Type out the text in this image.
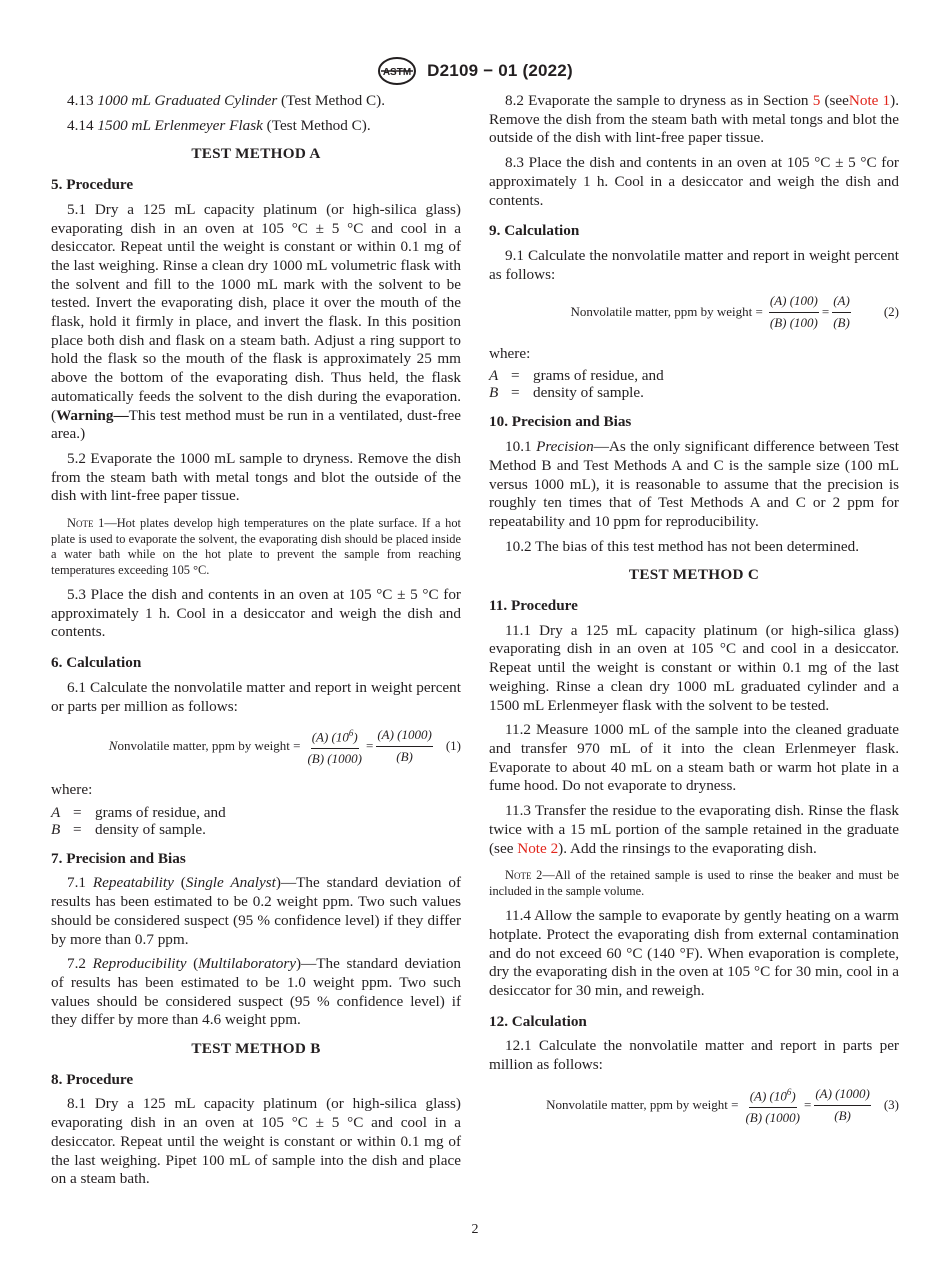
ASTM D2109 − 01 (2022)
4.13 1000 mL Graduated Cylinder (Test Method C).
4.14 1500 mL Erlenmeyer Flask (Test Method C).
TEST METHOD A
5. Procedure

5.1 Dry a 125 mL capacity platinum (or high-silica glass) evaporating dish in an oven at 105 °C ± 5 °C and cool in a desiccator. Repeat until the weight is constant or within 0.1 mg of the last weighing. Rinse a clean dry 1000 mL volumetric flask with the solvent and fill to the 1000 mL mark with the solvent to be tested. Invert the evaporating dish, place it over the mouth of the flask, hold it firmly in place, and invert the flask. In this position place both dish and flask on a steam bath. Adjust a ring support to hold the flask so the mouth of the flask is approximately 25 mm above the bottom of the evaporating dish. Thus held, the flask automatically feeds the solvent to the dish during the evaporation. (Warning—This test method must be run in a ventilated, dust-free area.)

5.2 Evaporate the 1000 mL sample to dryness. Remove the dish from the steam bath with metal tongs and blot the outside of the dish with lint-free paper tissue.

Note 1—Hot plates develop high temperatures on the plate surface. If a hot plate is used to evaporate the solvent, the evaporating dish should be placed inside a water bath while on the hot plate to prevent the sample from reaching temperatures exceeding 105 °C.

5.3 Place the dish and contents in an oven at 105 °C ± 5 °C for approximately 1 h. Cool in a desiccator and weigh the dish and contents.

6. Calculation

6.1 Calculate the nonvolatile matter and report in weight percent or parts per million as follows:

Nonvolatile matter, ppm by weight = $\frac{(A) (10^6)}{(B) (1000)} = \frac{(A) (1000)}{(B)} (1)$

where:

A = grams of residue, and
B = density of sample.
7. Precision and Bias

7.1 Repeatability (Single Analyst)—The standard deviation of results has been estimated to be 0.2 weight ppm. Two such values should be considered suspect (95 % confidence level) if they differ by more than 0.7 ppm.

7.2 Reproducibility (Multilaboratory)—The standard deviation of results has been estimated to be 1.0 weight ppm. Two such values should be considered suspect (95 % confidence level) if they differ by more than 4.6 weight ppm.

TEST METHOD B
8. Procedure

8.1 Dry a 125 mL capacity platinum (or high-silica glass) evaporating dish in an oven at 105 °C ± 5 °C and cool in a desiccator. Repeat until the weight is constant or within 0.1 mg of the last weighing. Pipet 100 mL of sample into the dish and place on a steam bath.

8.2 Evaporate the sample to dryness as in Section 5 (seeNote 1). Remove the dish from the steam bath with metal tongs and blot the outside of the dish with lint-free paper tissue.

8.3 Place the dish and contents in an oven at 105 °C ± 5 °C for approximately 1 h. Cool in a desiccator and weigh the dish and contents.

9. Calculation

9.1 Calculate the nonvolatile matter and report in weight percent as follows:

Nonvolatile matter, ppm by weight = $\frac{(A) (100)}{(B) (100)} = \frac{(A)}{(B)}$	(2)

where:

A = grams of residue, and
B = density of sample.
10. Precision and Bias

10.1 Precision—As the only significant difference between Test Method B and Test Methods A and C is the sample size (100 mL versus 1000 mL), it is reasonable to assume that the precision is roughly ten times that of Test Methods A and C or 2 ppm for repeatability and 10 ppm for reproducibility.

10.2 The bias of this test method has not been determined.

TEST METHOD C
11. Procedure

11.1 Dry a 125 mL capacity platinum (or high-silica glass) evaporating dish in an oven at 105 °C and cool in a desiccator. Repeat until the weight is constant or within 0.1 mg of the last weighing. Rinse a clean dry 1000 mL graduated cylinder and a 1500 mL Erlenmeyer flask with the solvent to be tested.

11.2 Measure 1000 mL of the sample into the cleaned graduate and transfer 970 mL of it into the clean Erlenmeyer flask. Evaporate to about 40 mL on a steam bath or warm hot plate in a fume hood. Do not evaporate to dryness.

11.3 Transfer the residue to the evaporating dish. Rinse the flask twice with a 15 mL portion of the sample retained in the graduate (see Note 2). Add the rinsings to the evaporating dish.

Note 2—All of the retained sample is used to rinse the beaker and must be included in the sample volume.

11.4 Allow the sample to evaporate by gently heating on a warm hotplate. Protect the evaporating dish from external contamination and do not exceed 60 °C (140 °F). When evaporation is complete, dry the evaporating dish in the oven at 105 °C for 30 min, cool in a desiccator for 30 min, and reweigh.

12. Calculation

12.1 Calculate the nonvolatile matter and report in parts per million as follows:

Nonvolatile matter, ppm by weight = $\frac{(A) (10^6)}{(B) (1000)} = \frac{(A) (1000)}{(B)} (3)$
2
